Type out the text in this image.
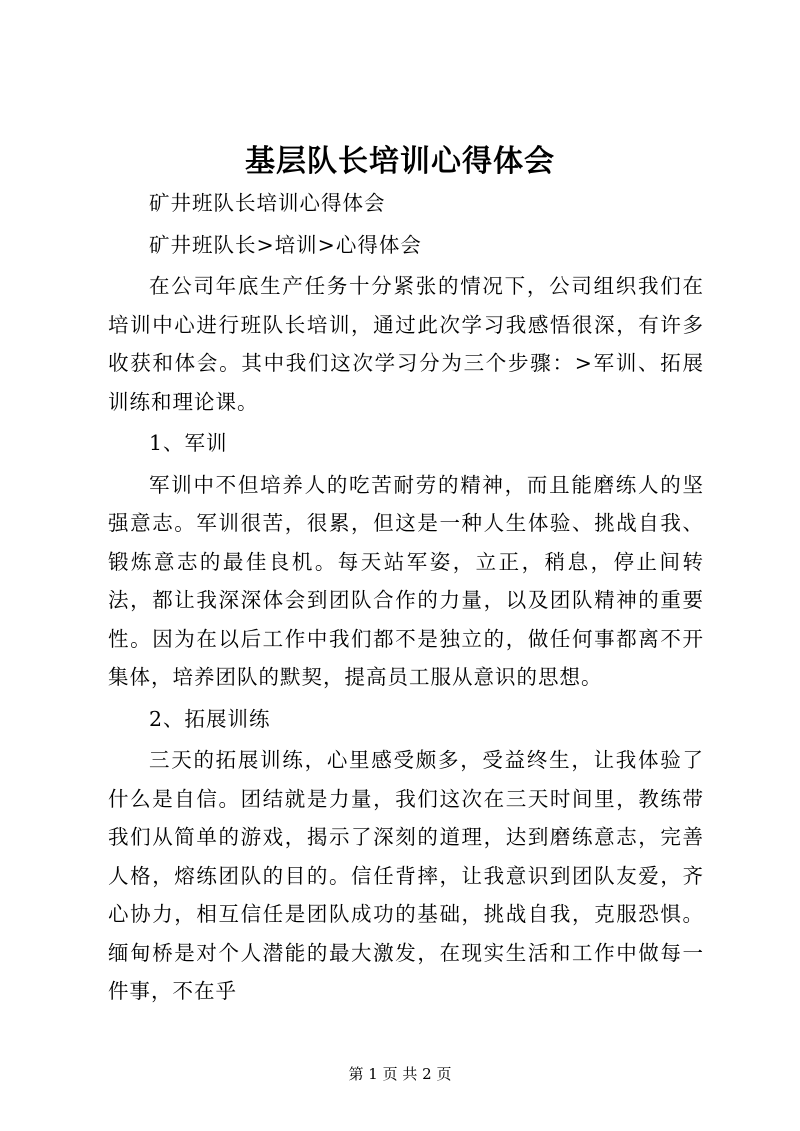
基层队长培训心得体会

矿井班队长培训心得体会

矿井班队长>培训>心得体会

在公司年底生产任务十分紧张的情况下，公司组织我们在培训中心进行班队长培训，通过此次学习我感悟很深，有许多收获和体会。其中我们这次学习分为三个步骤：>军训、拓展训练和理论课。

1、军训

军训中不但培养人的吃苦耐劳的精神，而且能磨练人的坚强意志。军训很苦，很累，但这是一种人生体验、挑战自我、锻炼意志的最佳良机。每天站军姿，立正，稍息，停止间转法，都让我深深体会到团队合作的力量，以及团队精神的重要性。因为在以后工作中我们都不是独立的，做任何事都离不开集体，培养团队的默契，提高员工服从意识的思想。

2、拓展训练

三天的拓展训练，心里感受颇多，受益终生，让我体验了什么是自信。团结就是力量，我们这次在三天时间里，教练带我们从简单的游戏，揭示了深刻的道理，达到磨练意志，完善人格，熔练团队的目的。信任背摔，让我意识到团队友爱，齐心协力，相互信任是团队成功的基础，挑战自我，克服恐惧。缅甸桥是对个人潜能的最大激发，在现实生活和工作中做每一件事，不在乎

第 1 页 共 2 页
